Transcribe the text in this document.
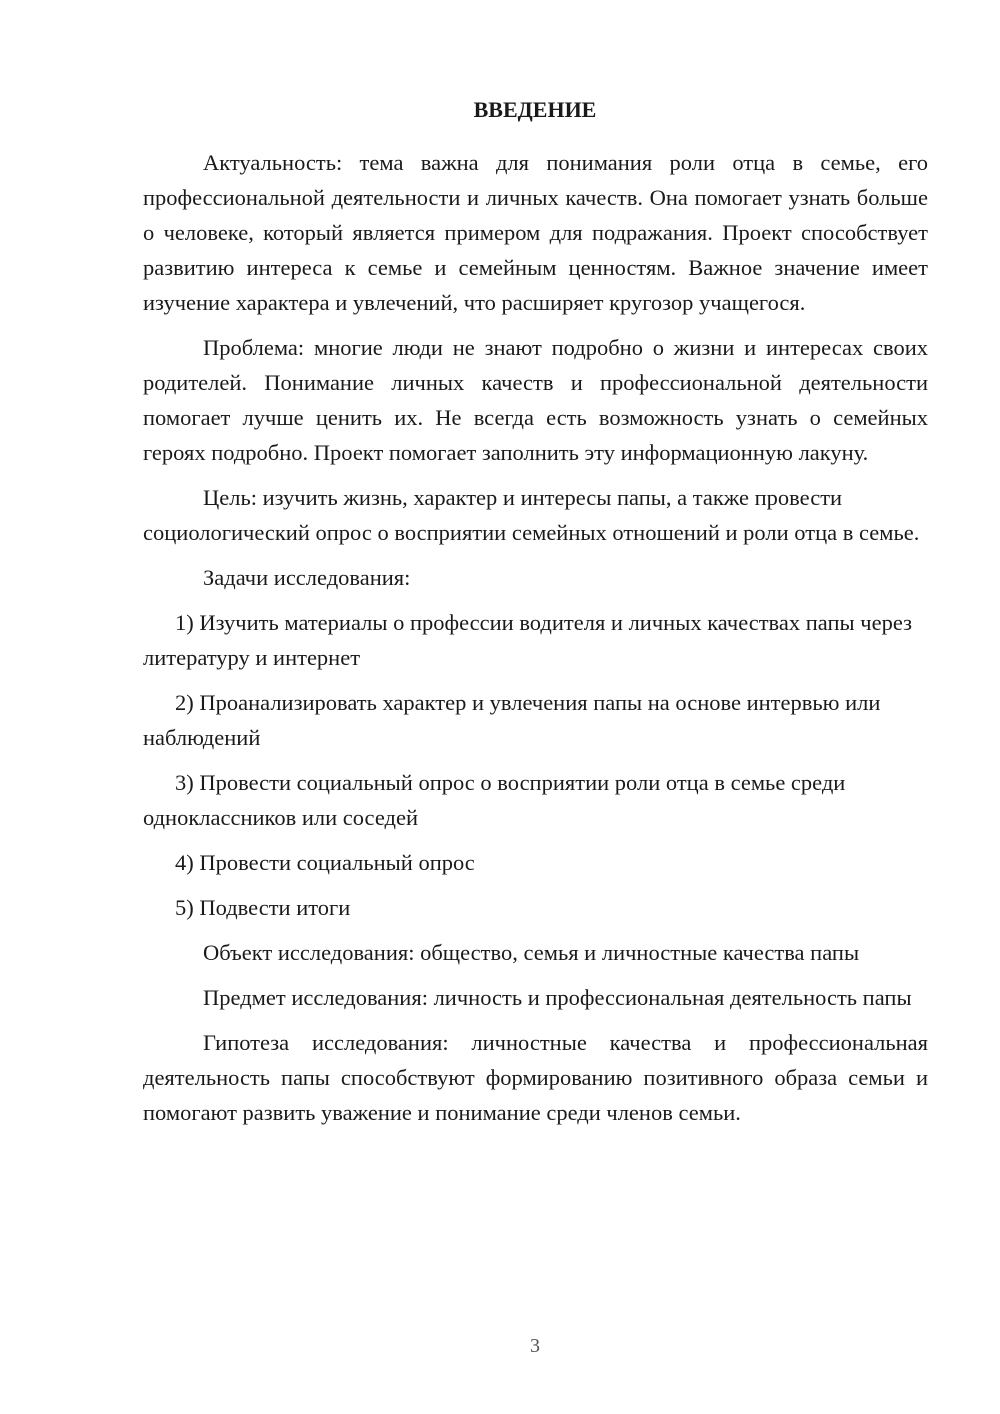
ВВЕДЕНИЕ

Актуальность: тема важна для понимания роли отца в семье, его профессиональной деятельности и личных качеств. Она помогает узнать больше о человеке, который является примером для подражания. Проект способствует развитию интереса к семье и семейным ценностям. Важное значение имеет изучение характера и увлечений, что расширяет кругозор учащегося.

Проблема: многие люди не знают подробно о жизни и интересах своих родителей. Понимание личных качеств и профессиональной деятельности помогает лучше ценить их. Не всегда есть возможность узнать о семейных героях подробно. Проект помогает заполнить эту информационную лакуну.

Цель: изучить жизнь, характер и интересы папы, а также провести социологический опрос о восприятии семейных отношений и роли отца в семье.

Задачи исследования:

1) Изучить материалы о профессии водителя и личных качествах папы через литературу и интернет

2) Проанализировать характер и увлечения папы на основе интервью или наблюдений

3) Провести социальный опрос о восприятии роли отца в семье среди одноклассников или соседей

4) Провести социальный опрос

5) Подвести итоги

Объект исследования: общество, семья и личностные качества папы

Предмет исследования: личность и профессиональная деятельность папы

Гипотеза исследования: личностные качества и профессиональная деятельность папы способствуют формированию позитивного образа семьи и помогают развить уважение и понимание среди членов семьи.

3
